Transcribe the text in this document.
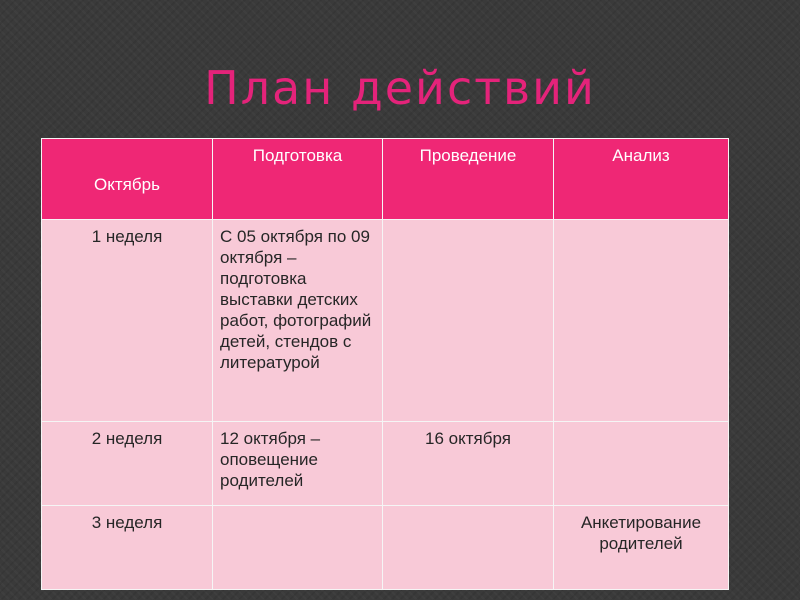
План действий
Октябрь	Подготовка	Проведение	Анализ
1 неделя	С 05 октября по 09 октября – подготовка выставки детских работ, фотографий детей, стендов с литературой		
2 неделя	12 октября – оповещение родителей	16 октября	
3 неделя			Анкетирование родителей
